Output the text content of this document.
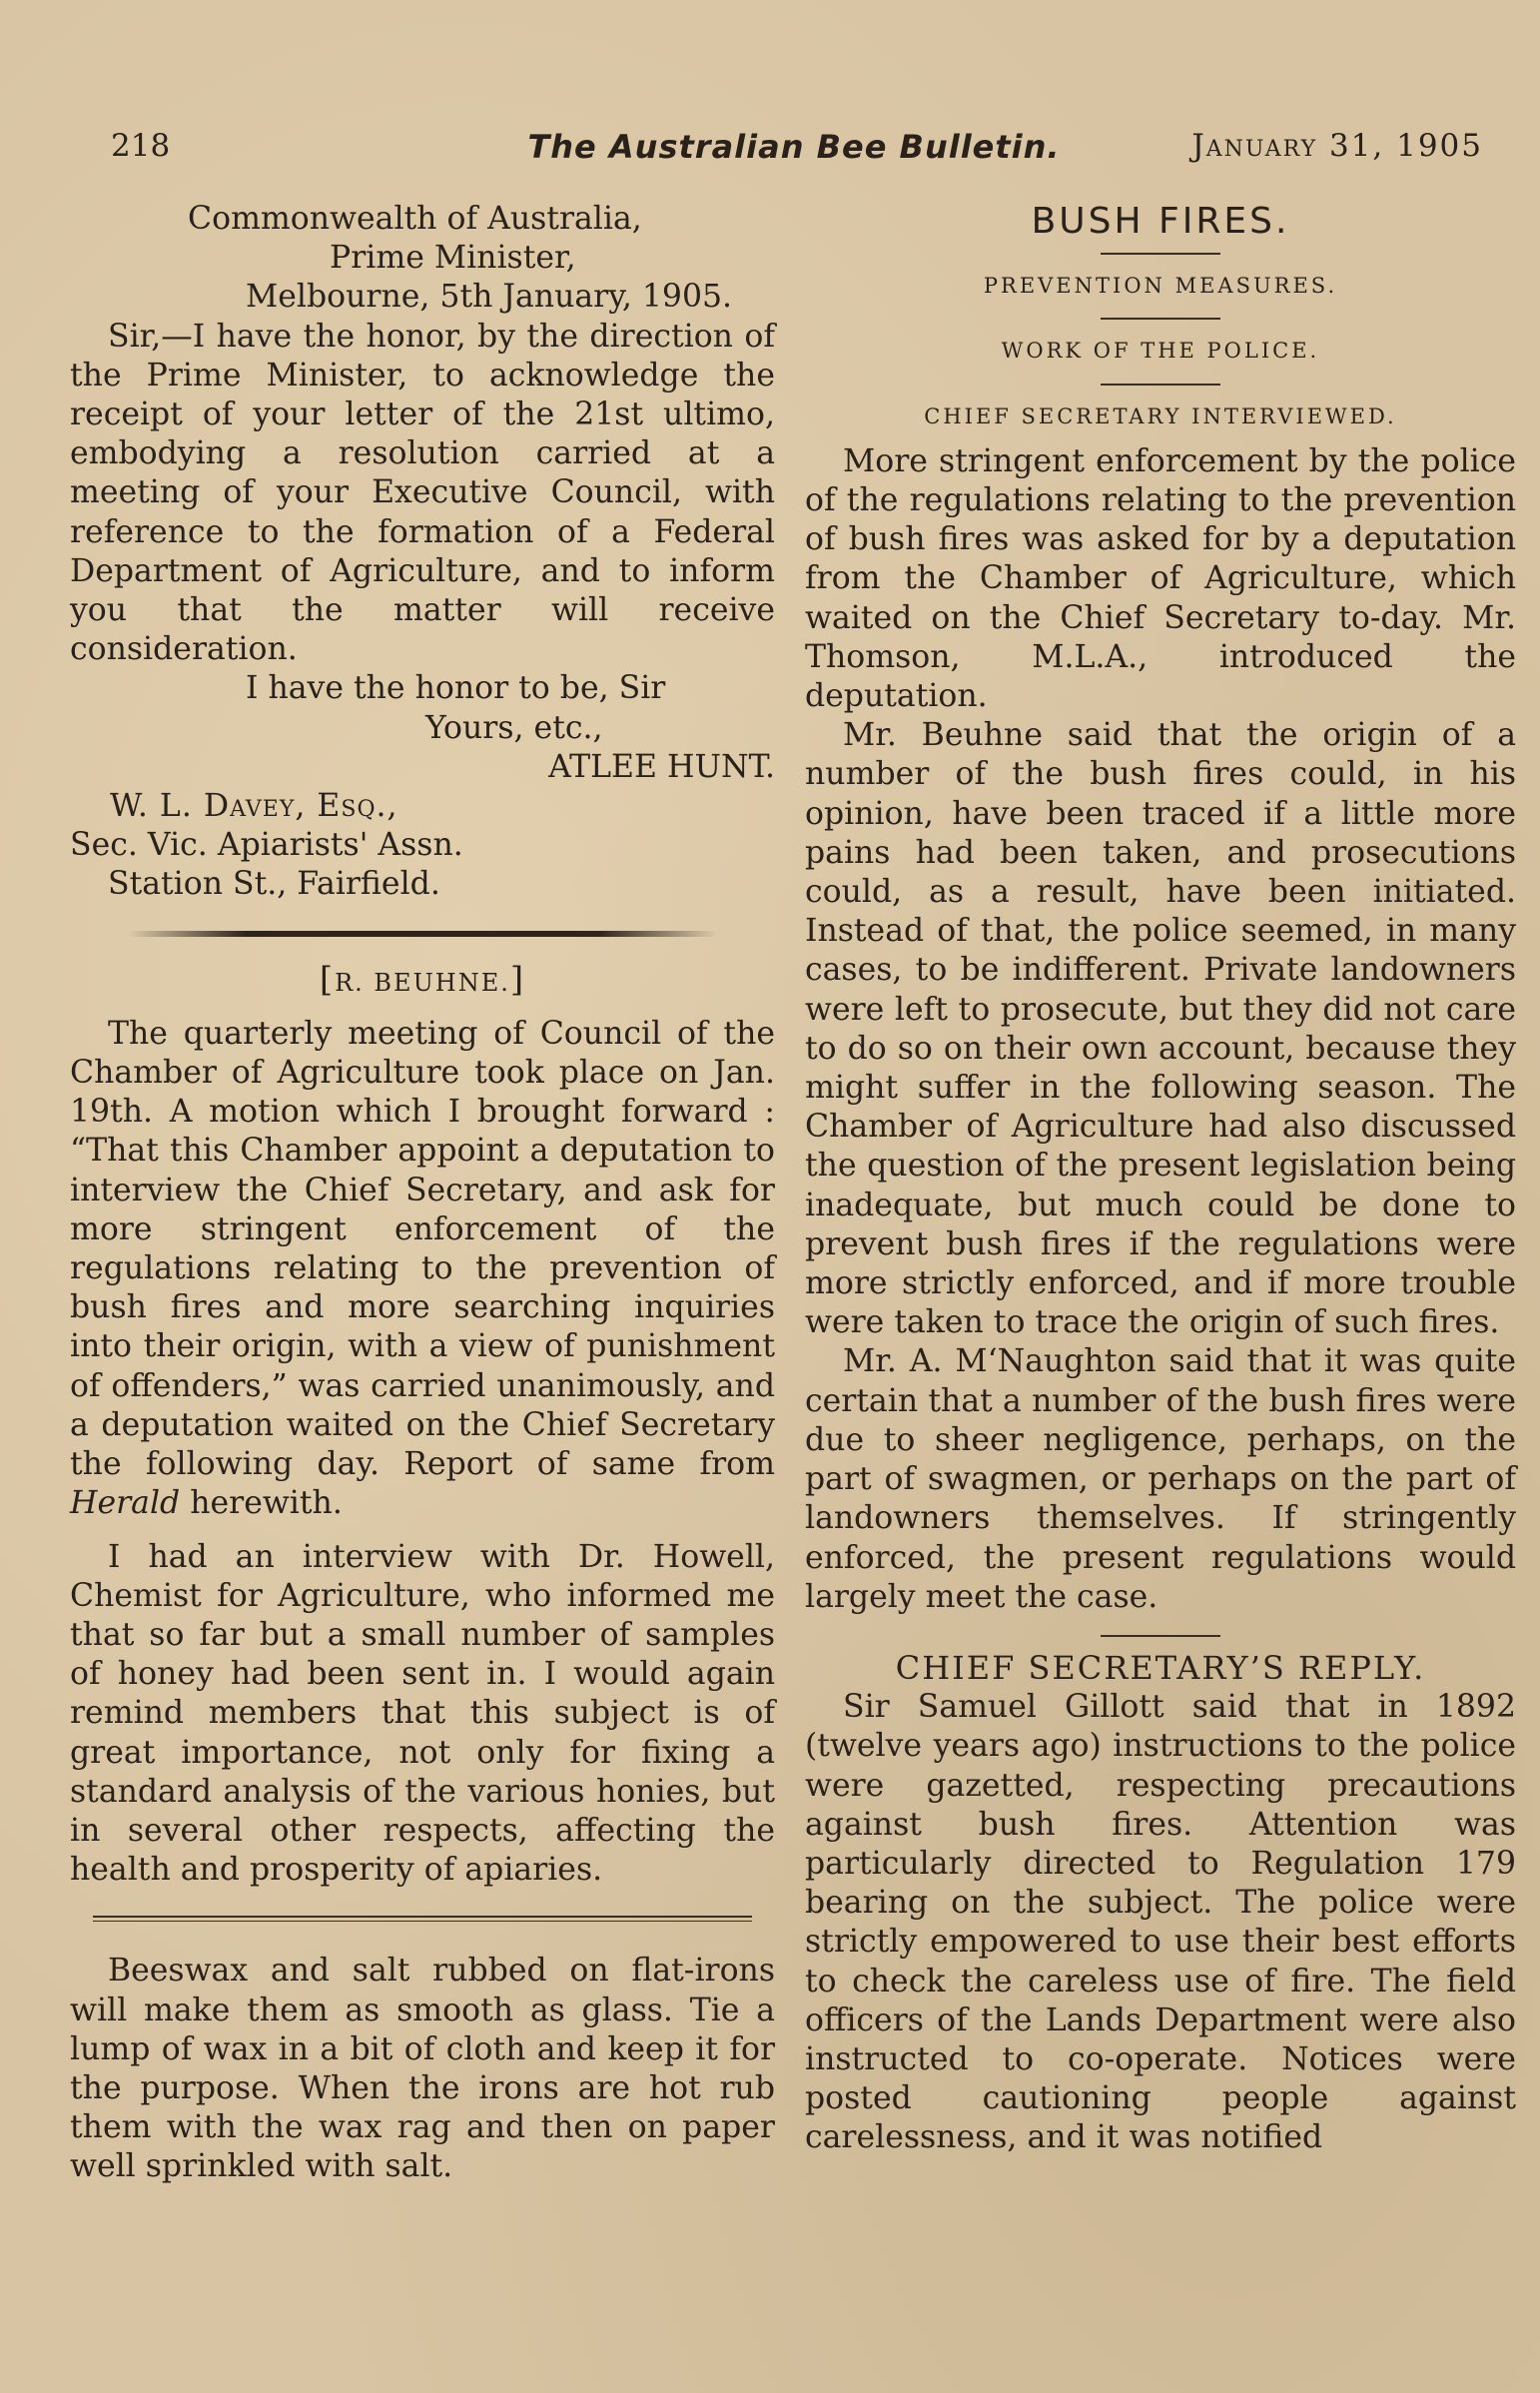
218	The Australian Bee Bulletin.	January 31, 1905

Commonwealth of Australia,

Prime Minister,

Melbourne, 5th January, 1905.

Sir,—I have the honor, by the direction of the Prime Minister, to acknowledge the receipt of your letter of the 21st ultimo, embodying a resolution carried at a meeting of your Executive Council, with reference to the formation of a Federal Department of Agriculture, and to inform you that the matter will receive consideration.

I have the honor to be, Sir

Yours, etc.,

ATLEE HUNT.

W. L. Davey, Esq.,

Sec. Vic. Apiarists' Assn.

Station St., Fairfield.

[R. BEUHNE.]

The quarterly meeting of Council of the Chamber of Agriculture took place on Jan. 19th. A motion which I brought forward : “That this Chamber appoint a deputation to interview the Chief Secretary, and ask for more stringent enforcement of the regulations relating to the prevention of bush fires and more searching inquiries into their origin, with a view of punishment of offenders,” was carried unanimously, and a deputation waited on the Chief Secretary the following day. Report of same from Herald herewith.

I had an interview with Dr. Howell, Chemist for Agriculture, who informed me that so far but a small number of samples of honey had been sent in. I would again remind members that this subject is of great importance, not only for fixing a standard analysis of the various honies, but in several other respects, affecting the health and prosperity of apiaries.

Beeswax and salt rubbed on flat-irons will make them as smooth as glass. Tie a lump of wax in a bit of cloth and keep it for the purpose. When the irons are hot rub them with the wax rag and then on paper well sprinkled with salt.

BUSH FIRES.
PREVENTION MEASURES.
WORK OF THE POLICE.
CHIEF SECRETARY INTERVIEWED.

More stringent enforcement by the police of the regulations relating to the prevention of bush fires was asked for by a deputation from the Chamber of Agriculture, which waited on the Chief Secretary to-day. Mr. Thomson, M.L.A., introduced the deputation.

Mr. Beuhne said that the origin of a number of the bush fires could, in his opinion, have been traced if a little more pains had been taken, and prosecutions could, as a result, have been initiated. Instead of that, the police seemed, in many cases, to be indifferent. Private landowners were left to prosecute, but they did not care to do so on their own account, because they might suffer in the following season. The Chamber of Agriculture had also discussed the question of the present legislation being inadequate, but much could be done to prevent bush fires if the regulations were more strictly enforced, and if more trouble were taken to trace the origin of such fires.

Mr. A. M‘Naughton said that it was quite certain that a number of the bush fires were due to sheer negligence, perhaps, on the part of swagmen, or perhaps on the part of landowners themselves. If stringently enforced, the present regulations would largely meet the case.

CHIEF SECRETARY’S REPLY.

Sir Samuel Gillott said that in 1892 (twelve years ago) instructions to the police were gazetted, respecting precautions against bush fires. Attention was particularly directed to Regulation 179 bearing on the subject. The police were strictly empowered to use their best efforts to check the careless use of fire. The field officers of the Lands Department were also instructed to co-operate. Notices were posted cautioning people against carelessness, and it was notified
